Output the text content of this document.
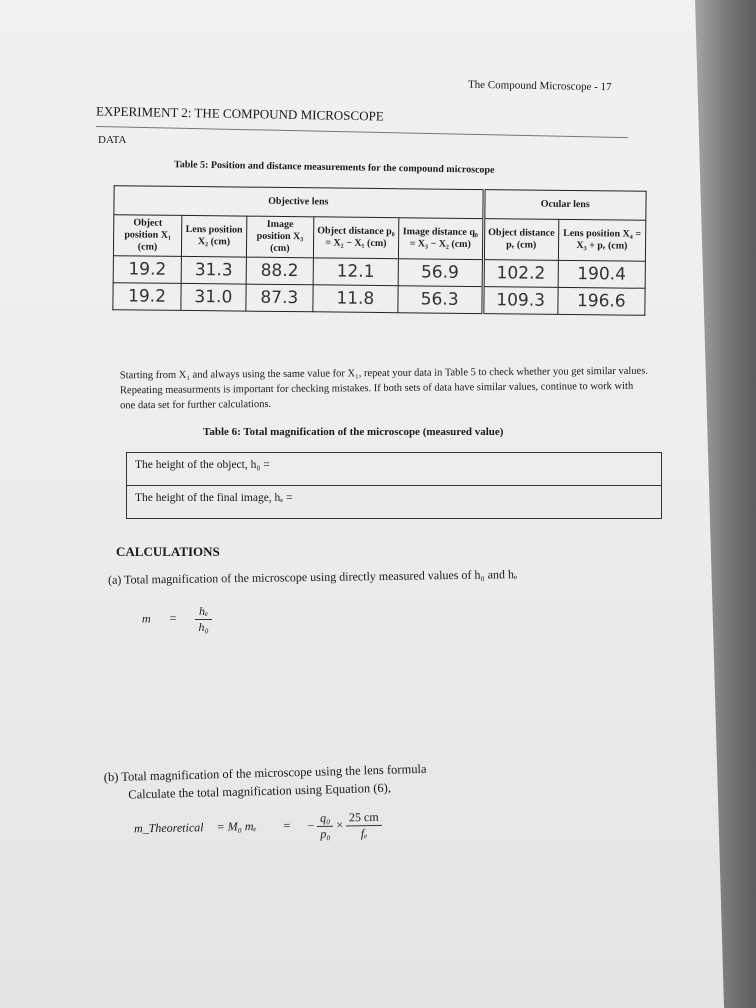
The Compound Microscope - 17
EXPERIMENT 2: THE COMPOUND MICROSCOPE
DATA
Table 5: Position and distance measurements for the compound microscope
Objective lens					Ocular lens	
Object position X₁ (cm)	Lens position X₂ (cm)	Image position X₃ (cm)	Object distance p₀ = X₂ − X₁ (cm)	Image distance q₀ = X₃ − X₂ (cm)	Object distance pₑ (cm)	Lens position X₄ = X₃ + pₑ (cm)
19.2	31.3	88.2	12.1	56.9	102.2	190.4
19.2	31.0	87.3	11.8	56.3	109.3	196.6
Starting from X₁ and always using the same value for X₁, repeat your data in Table 5 to check whether you get similar values. Repeating measurments is important for checking mistakes. If both sets of data have similar values, continue to work with one data set for further calculations.
Table 6: Total magnification of the microscope (measured value)
The height of the object, h₀ =
The height of the final image, hₑ =
CALCULATIONS
(a) Total magnification of the microscope using directly measured values of h₀ and hₑ
$m = \frac{\text{hₑ}}{\text{h₀}}$
(b) Total magnification of the microscope using the lens formula
Calculate the total magnification using Equation (6),
m_Theoretical = M₀ mₑ = − $\frac{\text{q₀}}{\text{p₀}} \times \frac{25 cm}{\text{fₑ}}$
